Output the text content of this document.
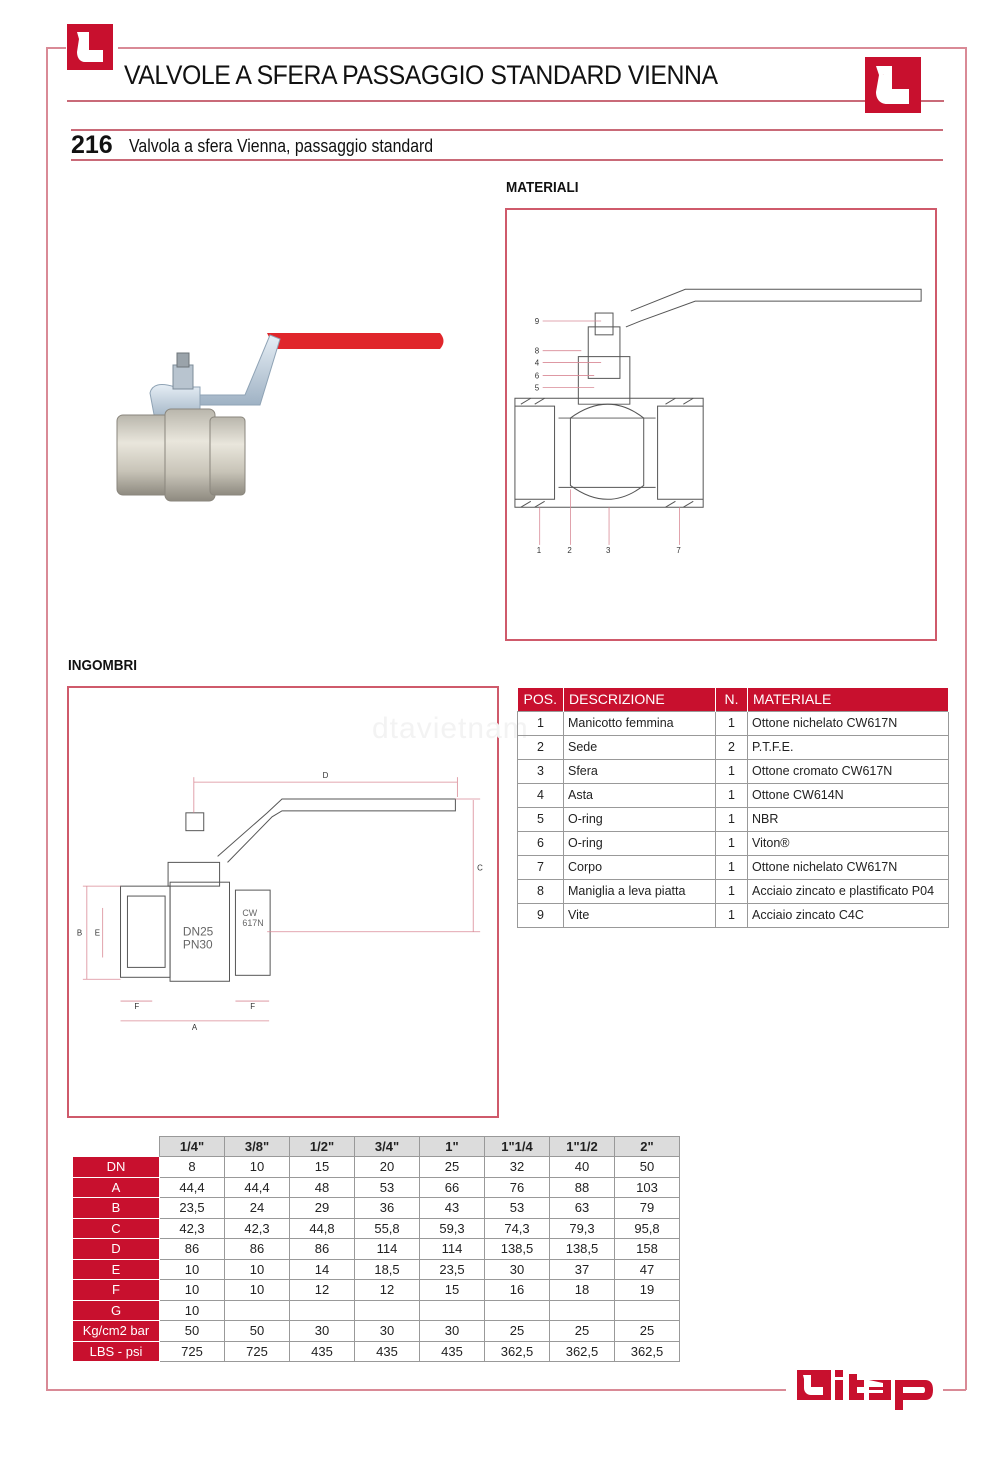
VALVOLE A SFERA PASSAGGIO STANDARD VIENNA
216 Valvola a sfera Vienna, passaggio standard
MATERIALI
9
8
4
6
5
1	2	3	7
INGOMBRI
DN25
PN30
CW
617N
D
C
B E
F	F
A
dtavietnam
POS.	DESCRIZIONE	N.	MATERIALE
1	Manicotto femmina	1	Ottone nichelato CW617N
2	Sede	2	P.T.F.E.
3	Sfera	1	Ottone cromato CW617N
4	Asta	1	Ottone CW614N
5	O-ring	1	NBR
6	O-ring	1	Viton®
7	Corpo	1	Ottone nichelato CW617N
8	Maniglia a leva piatta	1	Acciaio zincato e plastificato P04
9	Vite	1	Acciaio zincato C4C
	1/4"	3/8"	1/2"	3/4"	1"	1"1/4	1"1/2	2"
DN	8	10	15	20	25	32	40	50
A	44,4	44,4	48	53	66	76	88	103
B	23,5	24	29	36	43	53	63	79
C	42,3	42,3	44,8	55,8	59,3	74,3	79,3	95,8
D	86	86	86	114	114	138,5	138,5	158
E	10	10	14	18,5	23,5	30	37	47
F	10	10	12	12	15	16	18	19
G	10							
Kg/cm2 bar	50	50	30	30	30	25	25	25
LBS - psi	725	725	435	435	435	362,5	362,5	362,5
